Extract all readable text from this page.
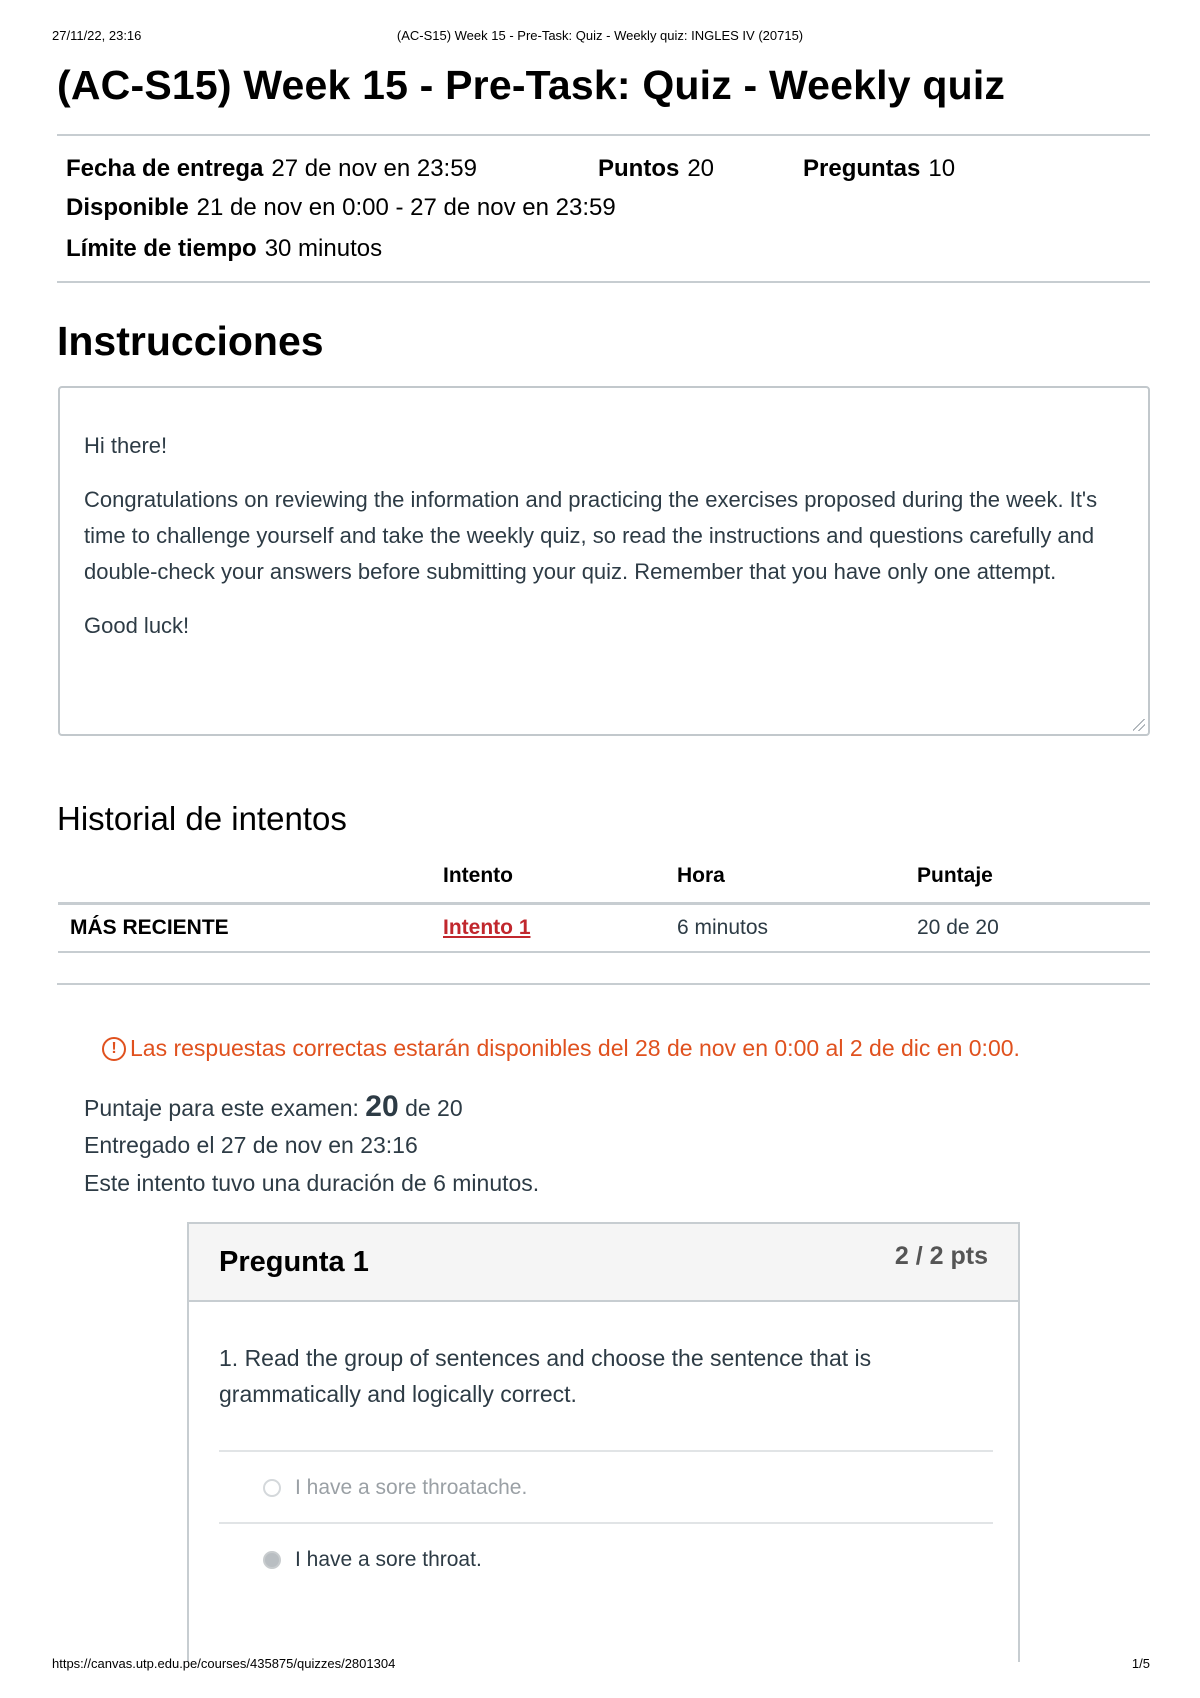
27/11/22, 23:16	(AC-S15) Week 15 - Pre-Task: Quiz - Weekly quiz: INGLES IV (20715)
(AC-S15) Week 15 - Pre-Task: Quiz - Weekly quiz
Fecha de entrega 27 de nov en 23:59	Puntos 20	Preguntas 10
Disponible 21 de nov en 0:00 - 27 de nov en 23:59
Límite de tiempo 30 minutos
Instrucciones

Hi there!

Congratulations on reviewing the information and practicing the exercises proposed during the week. It's time to challenge yourself and take the weekly quiz, so read the instructions and questions carefully and double-check your answers before submitting your quiz. Remember that you have only one attempt.

Good luck!

Historial de intentos
	Intento	Hora	Puntaje
MÁS RECIENTE	Intento 1	6 minutos	20 de 20
! Las respuestas correctas estarán disponibles del 28 de nov en 0:00 al 2 de dic en 0:00.
Puntaje para este examen: 20 de 20
Entregado el 27 de nov en 23:16
Este intento tuvo una duración de 6 minutos.
Pregunta 1	2 / 2 pts
1. Read the group of sentences and choose the sentence that is grammatically and logically correct.
I have a sore throatache.
I have a sore throat.
https://canvas.utp.edu.pe/courses/435875/quizzes/2801304	1/5
